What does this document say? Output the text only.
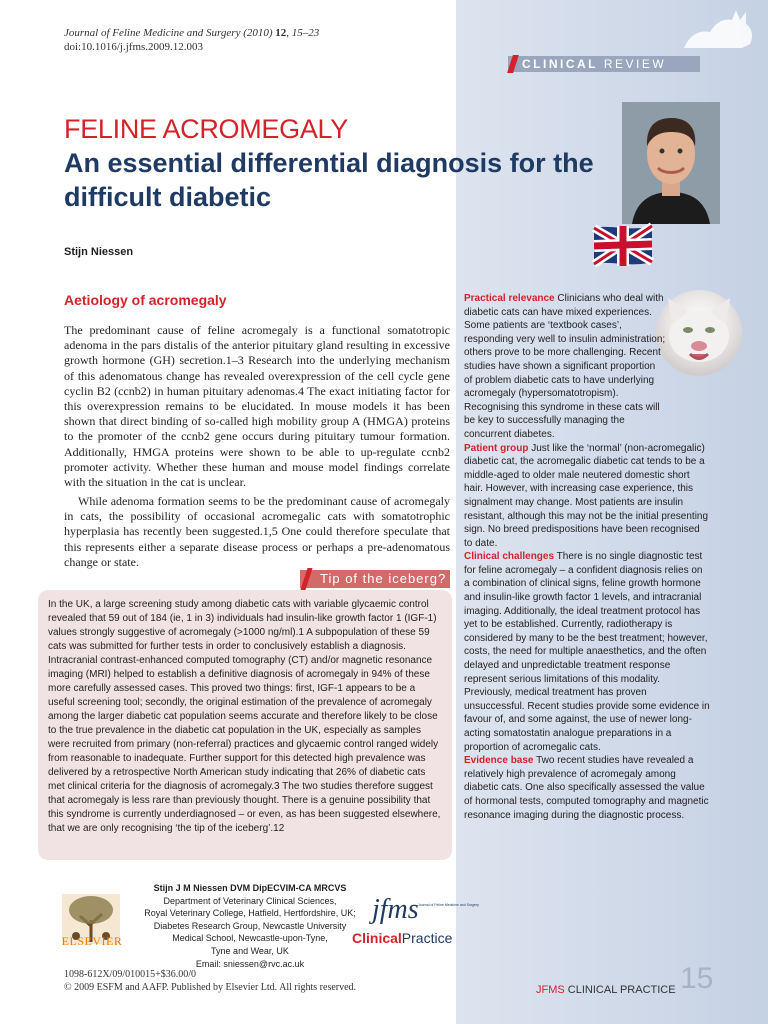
Journal of Feline Medicine and Surgery (2010) 12, 15–23
doi:10.1016/j.jfms.2009.12.003
CLINICAL REVIEW
FELINE ACROMEGALY
An essential differential diagnosis for the difficult diabetic
Stijn Niessen
Aetiology of acromegaly
The predominant cause of feline acromegaly is a functional somatotropic adenoma in the pars distalis of the anterior pituitary gland resulting in excessive growth hormone (GH) secretion.1–3 Research into the underlying mechanism of this adenomatous change has revealed overexpression of the cell cycle gene cyclin B2 (ccnb2) in human pituitary adenomas.4 The exact initiating factor for this overexpression remains to be elucidated. In mouse models it has been shown that direct binding of so-called high mobility group A (HMGA) proteins to the promoter of the ccnb2 gene occurs during pituitary tumour formation. Additionally, HMGA proteins were shown to be able to up-regulate ccnb2 promoter activity. Whether these human and mouse model findings correlate with the situation in the cat is unclear.
While adenoma formation seems to be the predominant cause of acromegaly in cats, the possibility of occasional acromegalic cats with somatotrophic hyperplasia has recently been suggested.1,5 One could therefore speculate that this represents either a separate disease process or perhaps a pre-adenomatous change or state.
Tip of the iceberg?
In the UK, a large screening study among diabetic cats with variable glycaemic control revealed that 59 out of 184 (ie, 1 in 3) individuals had insulin-like growth factor 1 (IGF-1) values strongly suggestive of acromegaly (>1000 ng/ml).1 A subpopulation of these 59 cats was submitted for further tests in order to conclusively establish a diagnosis. Intracranial contrast-enhanced computed tomography (CT) and/or magnetic resonance imaging (MRI) helped to establish a definitive diagnosis of acromegaly in 94% of these more carefully assessed cases. This proved two things: first, IGF-1 appears to be a useful screening tool; secondly, the original estimation of the prevalence of acromegaly among the larger diabetic cat population seems accurate and therefore likely to be close to the true prevalence in the diabetic cat population in the UK, especially as samples were recruited from primary (non-referral) practices and glycaemic control ranged widely from reasonable to inadequate. Further support for this detected high prevalence was delivered by a retrospective North American study indicating that 26% of diabetic cats met clinical criteria for the diagnosis of acromegaly.3 The two studies therefore suggest that acromegaly is less rare than previously thought. There is a genuine possibility that this syndrome is currently underdiagnosed – or even, as has been suggested elsewhere, that we are only recognising ‘the tip of the iceberg’.12
Practical relevance Clinicians who deal with diabetic cats can have mixed experiences. Some patients are ‘textbook cases’, responding very well to insulin administration; others prove to be more challenging. Recent studies have shown a significant proportion of problem diabetic cats to have underlying acromegaly (hypersomatotropism). Recognising this syndrome in these cats will be key to successfully managing the concurrent diabetes.
Patient group Just like the ‘normal’ (non-acromegalic) diabetic cat, the acromegalic diabetic cat tends to be a middle-aged to older male neutered domestic short hair. However, with increasing case experience, this signalment may change. Most patients are insulin resistant, although this may not be the initial presenting sign. No breed predispositions have been recognised to date.
Clinical challenges There is no single diagnostic test for feline acromegaly – a confident diagnosis relies on a combination of clinical signs, feline growth hormone and insulin-like growth factor 1 levels, and intracranial imaging. Additionally, the ideal treatment protocol has yet to be established. Currently, radiotherapy is considered by many to be the best treatment; however, costs, the need for multiple anaesthetics, and the often delayed and unpredictable treatment response represent serious limitations of this modality. Previously, medical treatment has proven unsuccessful. Recent studies provide some evidence in favour of, and some against, the use of newer long-acting somatostatin analogue preparations in a proportion of acromegalic cats.
Evidence base Two recent studies have revealed a relatively high prevalence of acromegaly among diabetic cats. One also specifically assessed the value of hormonal tests, computed tomography and magnetic resonance imaging during the diagnostic process.
ELSEVIER
Stijn J M Niessen DVM DipECVIM-CA MRCVS
Department of Veterinary Clinical Sciences,
Royal Veterinary College, Hatfield, Hertfordshire, UK;
Diabetes Research Group, Newcastle University
Medical School, Newcastle-upon-Tyne,
Tyne and Wear, UK
Email: sniessen@rvc.ac.uk
jfms Journal of Feline Medicine and Surgery
ClinicalPractice
1098-612X/09/010015+$36.00/0
© 2009 ESFM and AAFP. Published by Elsevier Ltd. All rights reserved.	JFMS CLINICAL PRACTICE 15
